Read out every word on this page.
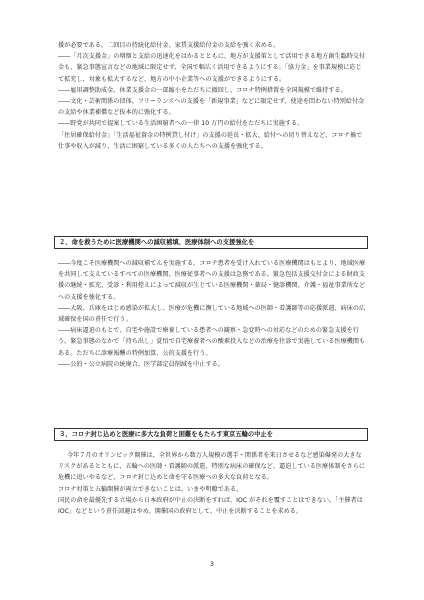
援が必要である。二回目の持続化給付金、家賃支援給付金の支給を強く求める。
――「月次支援金」の増額と支給の迅速化をはかるとともに、地方が支援策として活用できる地方創生臨時交付金も、緊急事態宣言などの地域に限定せず、全国で幅広く活用できるようにする。「協力金」を事業規模に応じて拡充し、対象も拡大するなど、地方の中小企業等への支援ができるようにする。
――雇用調整助成金、休業支援金の一部縮小をただちに撤回し、コロナ特例措置を全国規模で維持する。
――文化・芸術関係の団体、フリーランスへの支援を「新規事業」などに限定せず、使途を問わない特別給付金の支給や休業補償など抜本的に強化する。
――野党が共同で提案している生活困窮者への一律 10 万円の給付をただちに実施する。
「住居確保給付金」「生活福祉資金の特例貸し付け」の支援の延長・拡大、給付への切り替えなど、コロナ禍で仕事や収入が減り、生活に困窮している多くの人たちへの支援を強化する。

２、命を救うために医療機関への減収補填、医療体制への支援強化を

――今度こそ医療機関への減収補てんを実施する。コロナ患者を受け入れている医療機関はもとより、地域医療を共同して支えているすべての医療機関、医療従事者への支援は急務である。緊急包括支援交付金による財政支援の継続・拡充、受診・利用控えによって減収が生じている医療機関・薬局・健診機関、介護・福祉事業所などへの支援を強化する。
――大阪、兵庫をはじめ感染が拡大し、医療が危機に瀕している地域への医師・看護師等の応援派遣、病床の広域確保を国の責任で行う。
――病床逼迫のもとで、自宅や施設で療養している患者への観察・急変時への対応などのための緊急支援を行う。緊急事態のなかで「持ち出し」覚悟で自宅療養者への酸素投入などの治療を往診で実施している医療機関もある。ただちに診療報酬の特例加算、公的支援を行う。
――公的・公立病院の統廃合、医学部定員削減を中止する。

３、コロナ封じ込めと医療に多大な負荷と困難をもたらす東京五輪の中止を

今年７月のオリンピック開催は、全世界から数万人規模の選手・関係者を来日させるなど感染爆発の大きなリスクがあるとともに、五輪への医師・看護師の派遣、特別な病床の確保など、逼迫している医療体制をさらに危機に追いやるなど、コロナ封じ込めと命を守る医療への多大な負荷となる。
コロナ対策と五輪開催が両立できないことは、いまや明瞭である。
国民の命を最優先する立場から日本政府が中止の決断をすれば、IOC がそれを覆すことはできない。「主催者は IOC」などという責任回避はやめ、開催国の政府として、中止を決断することを求める。

3
